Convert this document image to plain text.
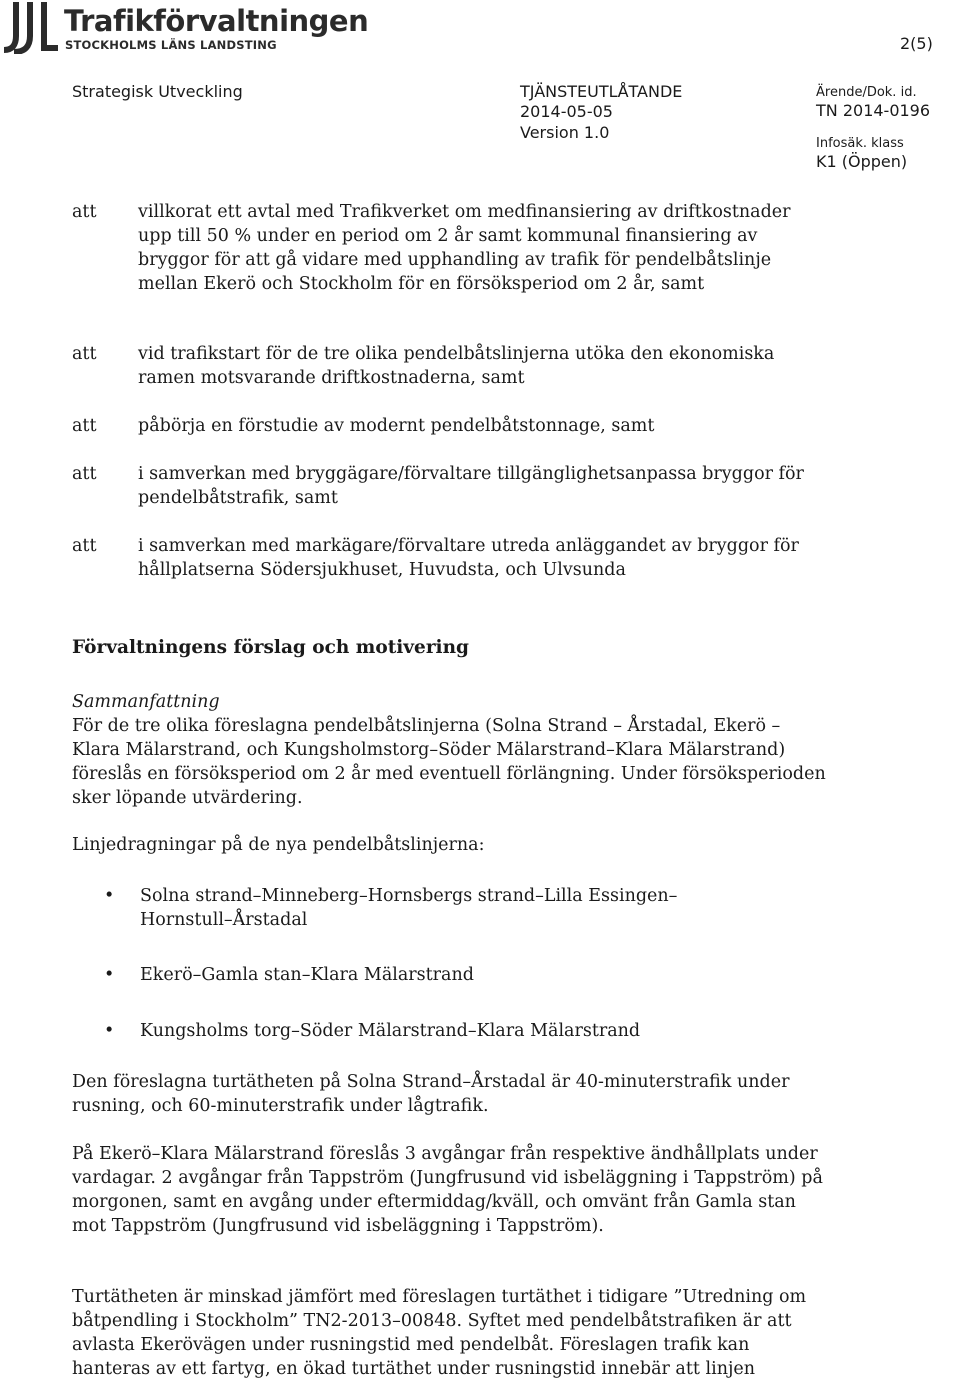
Trafikförvaltningen
STOCKHOLMS LÄNS LANDSTING	2(5)
Strategisk Utveckling	TJÄNSTEUTLÅTANDE
2014-05-05
Version 1.0
Ärende/Dok. id.
TN 2014-0196
Infosäk. klass
K1 (Öppen)
att villkorat ett avtal med Trafikverket om medfinansiering av driftkostnader upp till 50 % under en period om 2 år samt kommunal finansiering av bryggor för att gå vidare med upphandling av trafik för pendelbåtslinje mellan Ekerö och Stockholm för en försöksperiod om 2 år, samt
att vid trafikstart för de tre olika pendelbåtslinjerna utöka den ekonomiska ramen motsvarande driftkostnaderna, samt
att påbörja en förstudie av modernt pendelbåtstonnage, samt
att i samverkan med bryggägare/förvaltare tillgänglighetsanpassa bryggor för pendelbåtstrafik, samt
att i samverkan med markägare/förvaltare utreda anläggandet av bryggor för hållplatserna Södersjukhuset, Huvudsta, och Ulvsunda
Förvaltningens förslag och motivering
Sammanfattning
För de tre olika föreslagna pendelbåtslinjerna (Solna Strand – Årstadal, Ekerö – Klara Mälarstrand, och Kungsholmstorg–Söder Mälarstrand–Klara Mälarstrand) föreslås en försöksperiod om 2 år med eventuell förlängning. Under försöksperioden sker löpande utvärdering.
Linjedragningar på de nya pendelbåtslinjerna:
• Solna strand–Minneberg–Hornsbergs strand–Lilla Essingen–Hornstull–Årstadal
• Ekerö–Gamla stan–Klara Mälarstrand
• Kungsholms torg–Söder Mälarstrand–Klara Mälarstrand
Den föreslagna turtätheten på Solna Strand–Årstadal är 40-minuterstrafik under rusning, och 60-minuterstrafik under lågtrafik.
På Ekerö–Klara Mälarstrand föreslås 3 avgångar från respektive ändhållplats under vardagar. 2 avgångar från Tappström (Jungfrusund vid isbeläggning i Tappström) på morgonen, samt en avgång under eftermiddag/kväll, och omvänt från Gamla stan mot Tappström (Jungfrusund vid isbeläggning i Tappström).
Turtätheten är minskad jämfört med föreslagen turtäthet i tidigare ”Utredning om båtpendling i Stockholm” TN2-2013–00848. Syftet med pendelbåtstrafiken är att avlasta Ekerövägen under rusningstid med pendelbåt. Föreslagen trafik kan hanteras av ett fartyg, en ökad turtäthet under rusningstid innebär att linjen
